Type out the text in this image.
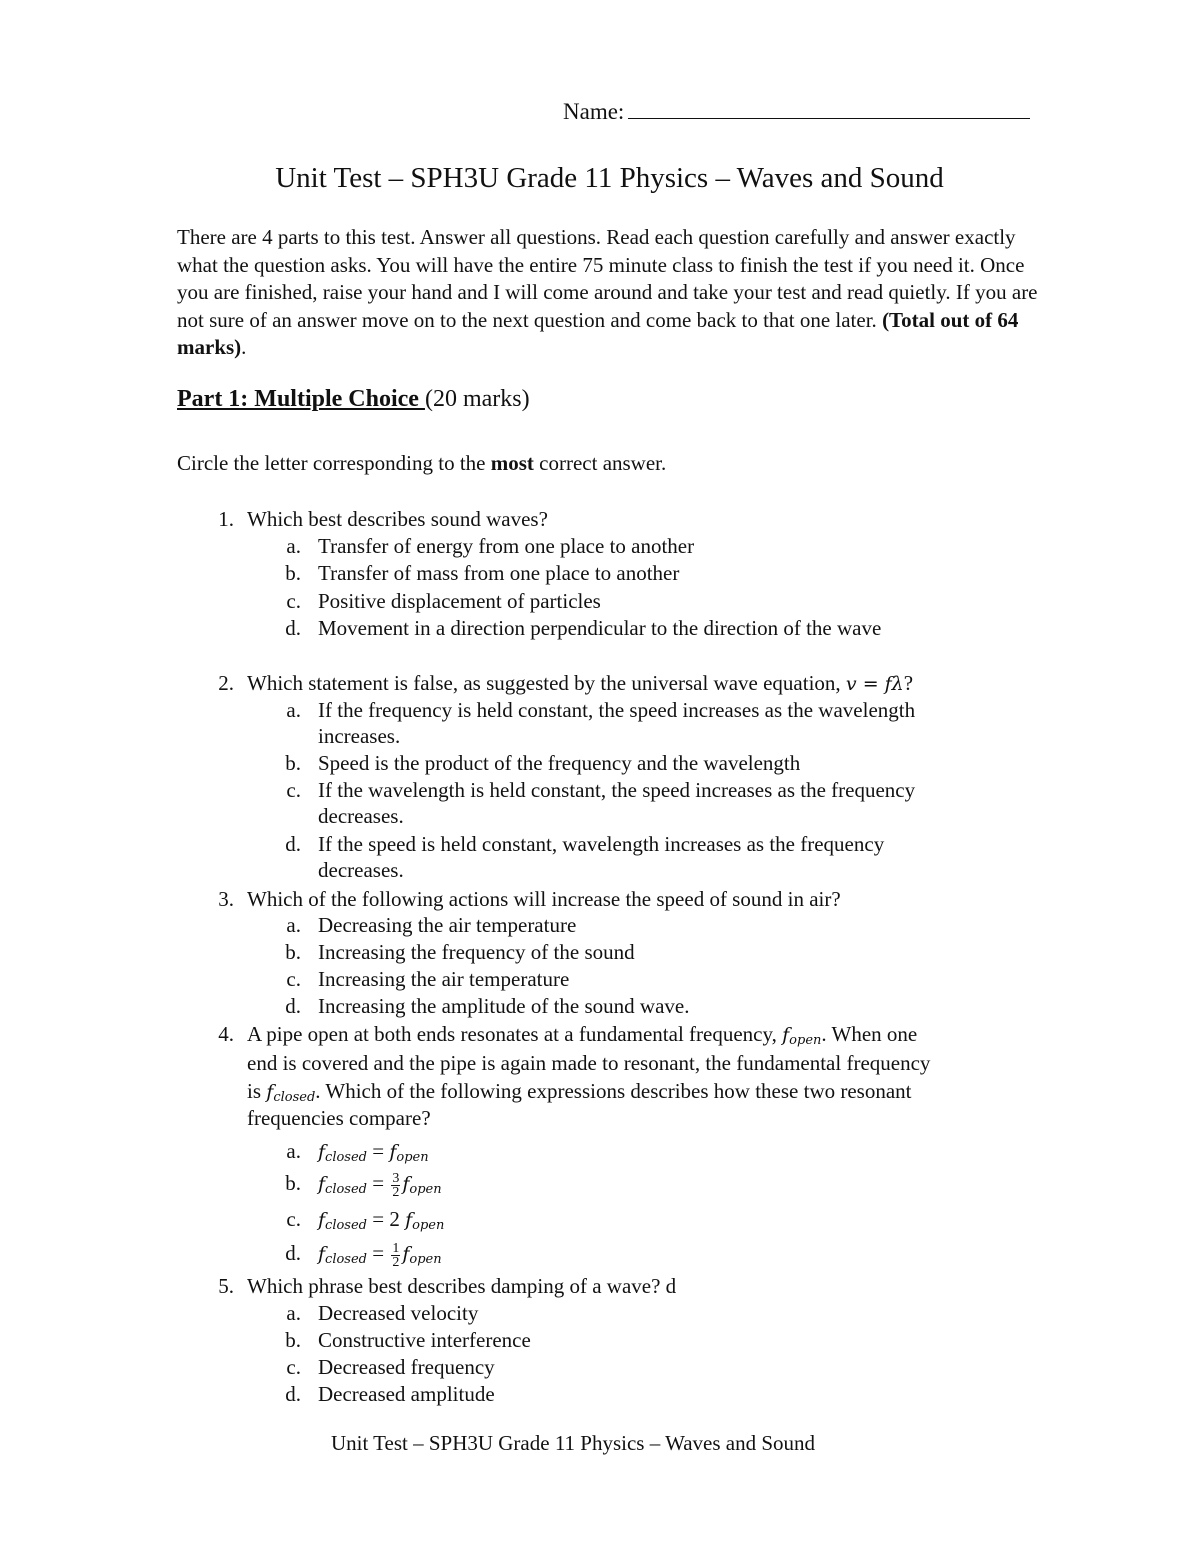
Name:
Unit Test – SPH3U Grade 11 Physics – Waves and Sound
There are 4 parts to this test. Answer all questions. Read each question carefully and answer exactly what the question asks. You will have the entire 75 minute class to finish the test if you need it. Once you are finished, raise your hand and I will come around and take your test and read quietly. If you are not sure of an answer move on to the next question and come back to that one later. (Total out of 64 marks).
Part 1: Multiple Choice (20 marks)
Circle the letter corresponding to the most correct answer.
1. Which best describes sound waves?
a. Transfer of energy from one place to another
b. Transfer of mass from one place to another
c. Positive displacement of particles
d. Movement in a direction perpendicular to the direction of the wave
2. Which statement is false, as suggested by the universal wave equation, v = fλ?
a. If the frequency is held constant, the speed increases as the wavelength
increases.
b. Speed is the product of the frequency and the wavelength
c. If the wavelength is held constant, the speed increases as the frequency
decreases.
d. If the speed is held constant, wavelength increases as the frequency
decreases.
3. Which of the following actions will increase the speed of sound in air?
a. Decreasing the air temperature
b. Increasing the frequency of the sound
c. Increasing the air temperature
d. Increasing the amplitude of the sound wave.
4. A pipe open at both ends resonates at a fundamental frequency, $f_{open}$. When one
end is covered and the pipe is again made to resonant, the fundamental frequency
is $f_{closed}$. Which of the following expressions describes how these two resonant
frequencies compare?
a. $f_{closed} = f_{open}$
b. $f_{closed} = \frac{3}{2} f_{open}$
c. $f_{closed} = 2$ $f_{open}$
d. $f_{closed} = \frac{1}{2} f_{open}$
5. Which phrase best describes damping of a wave? d
a. Decreased velocity
b. Constructive interference
c. Decreased frequency
d. Decreased amplitude
Unit Test – SPH3U Grade 11 Physics – Waves and Sound
